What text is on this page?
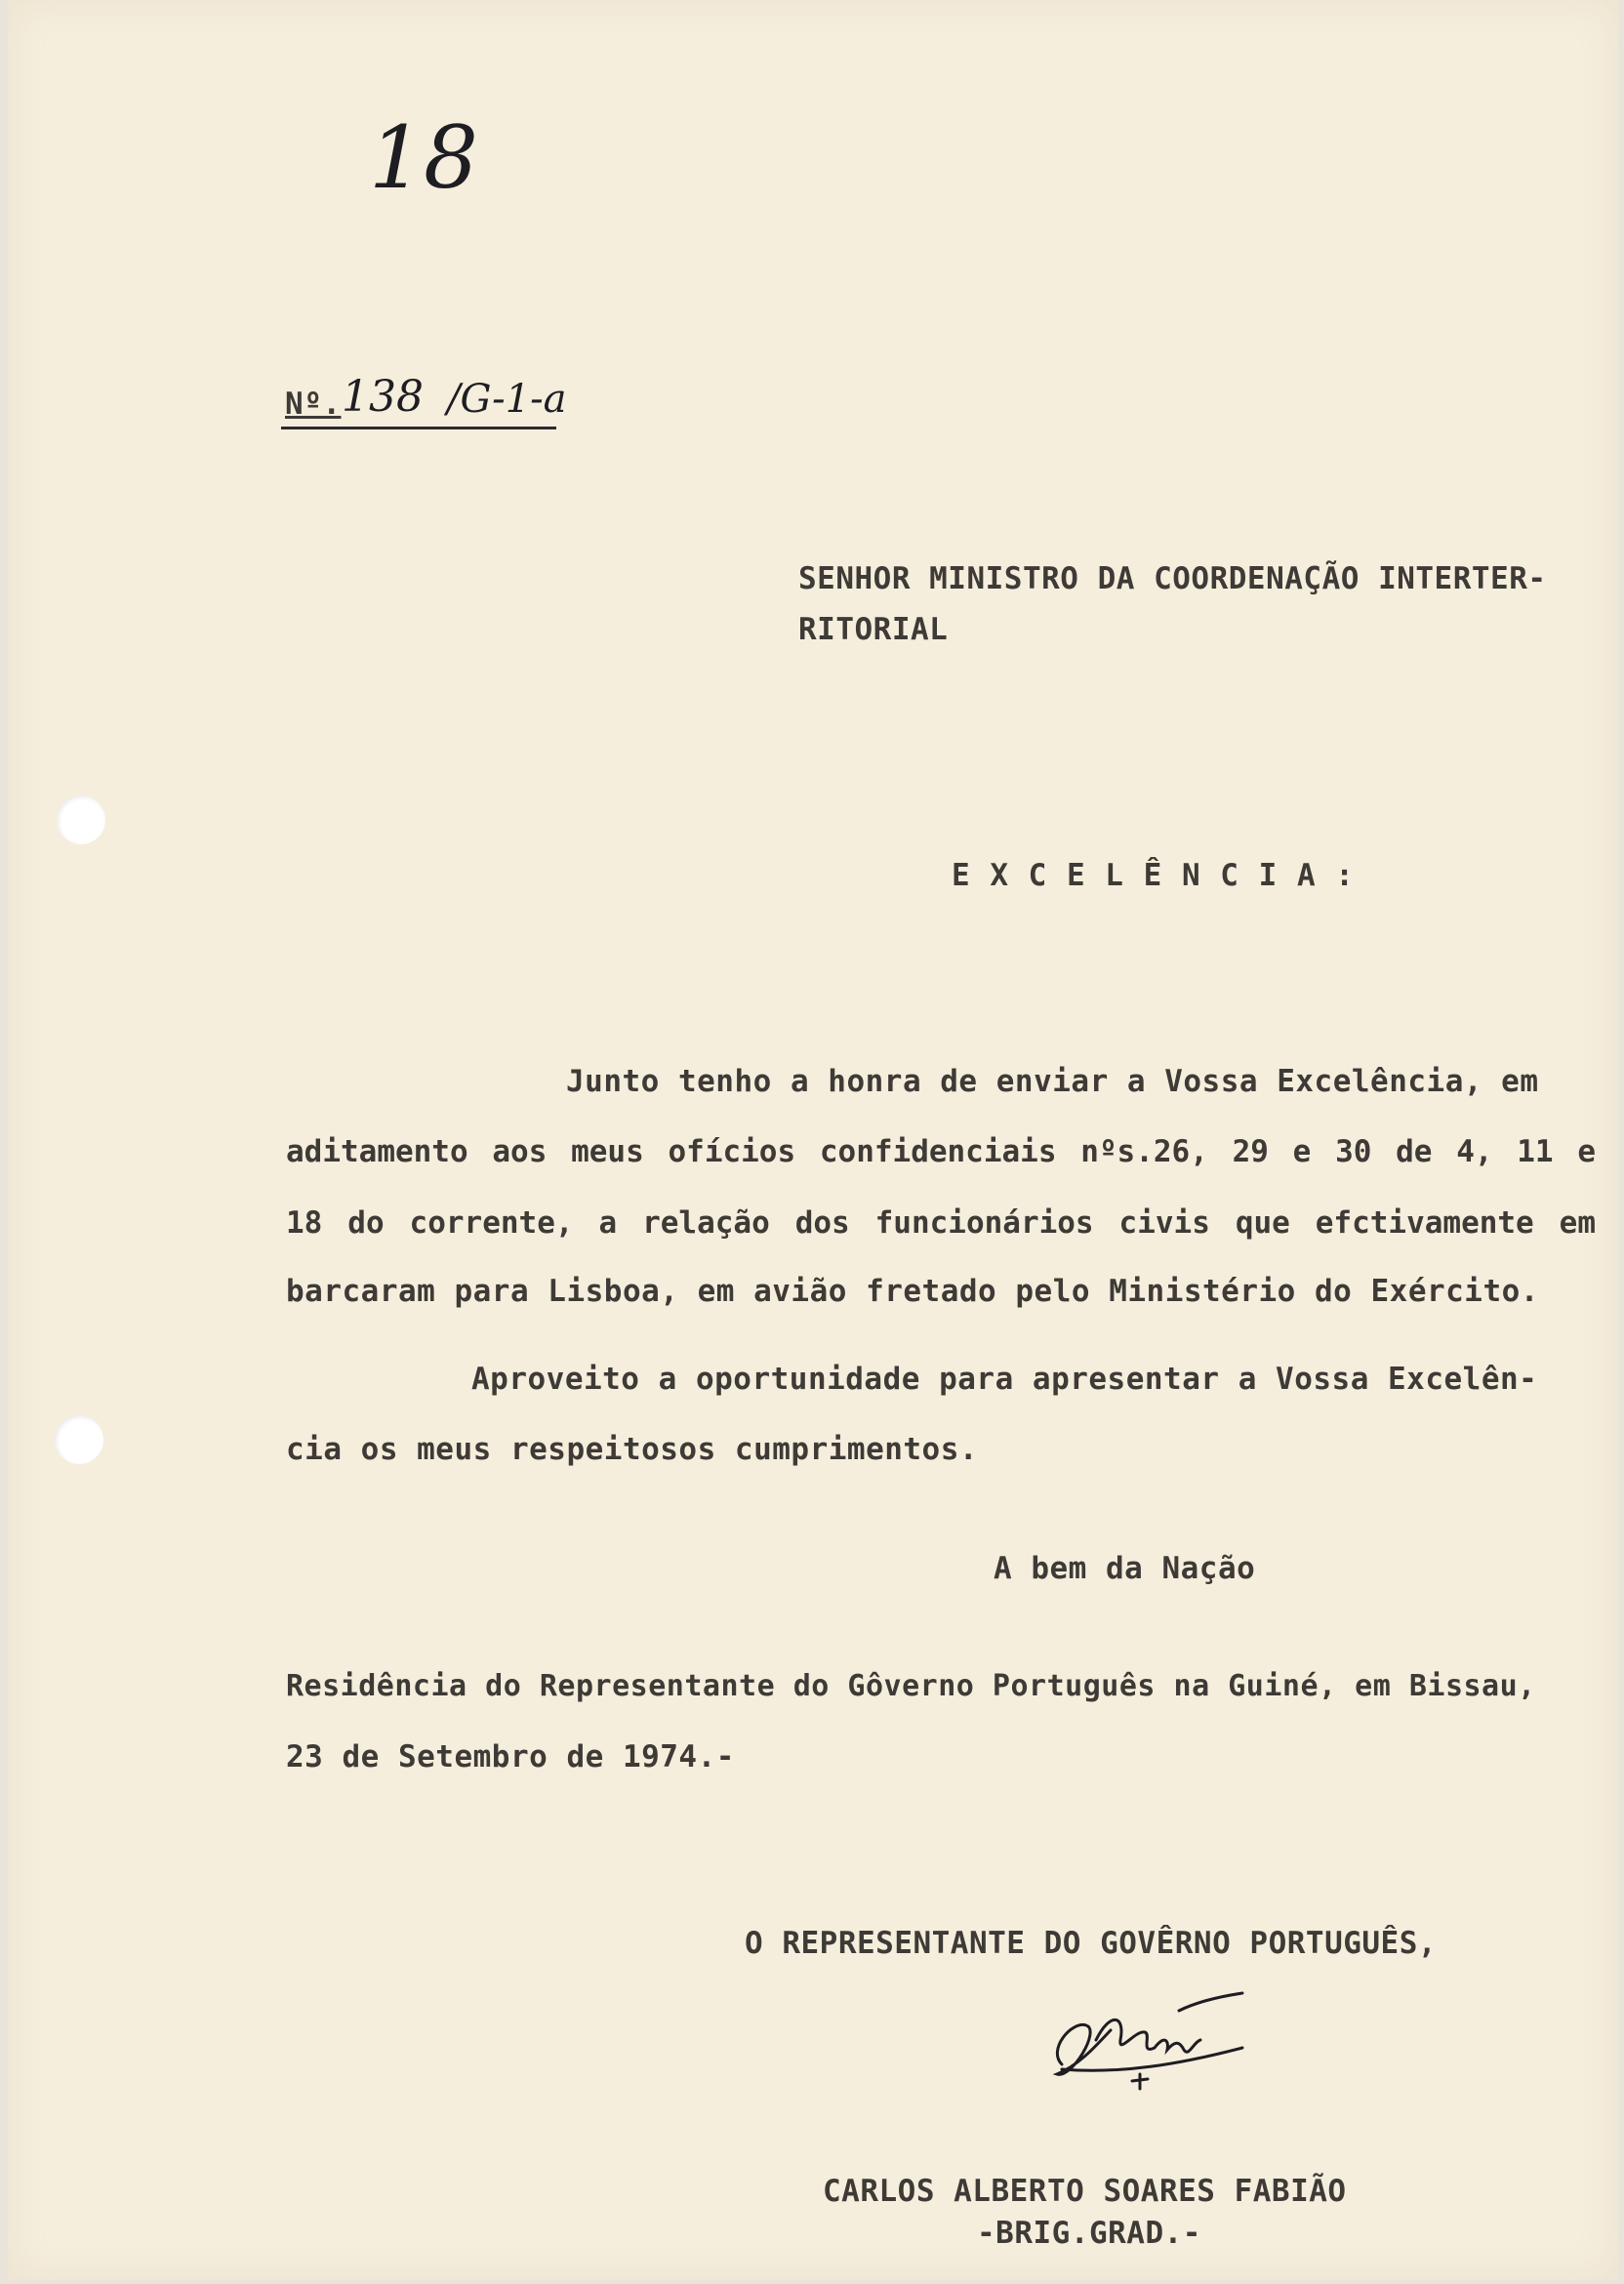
18
Nº. 138 /G-1-a
SENHOR MINISTRO DA COORDENAÇÃO INTERTER-
RITORIAL
E X C E L Ê N C I A :
Junto tenho a honra de enviar a Vossa Excelência, em
aditamento aos meus ofícios confidenciais nºs.26, 29 e 30 de 4, 11 e
18 do corrente, a relação dos funcionários civis que efctivamente em
barcaram para Lisboa, em avião fretado pelo Ministério do Exército.
Aproveito a oportunidade para apresentar a Vossa Excelên-
cia os meus respeitosos cumprimentos.
A bem da Nação
Residência do Representante do Gôverno Português na Guiné, em Bissau,
23 de Setembro de 1974.-
O REPRESENTANTE DO GOVÊRNO PORTUGUÊS,
CARLOS ALBERTO SOARES FABIÃO
-BRIG.GRAD.-
